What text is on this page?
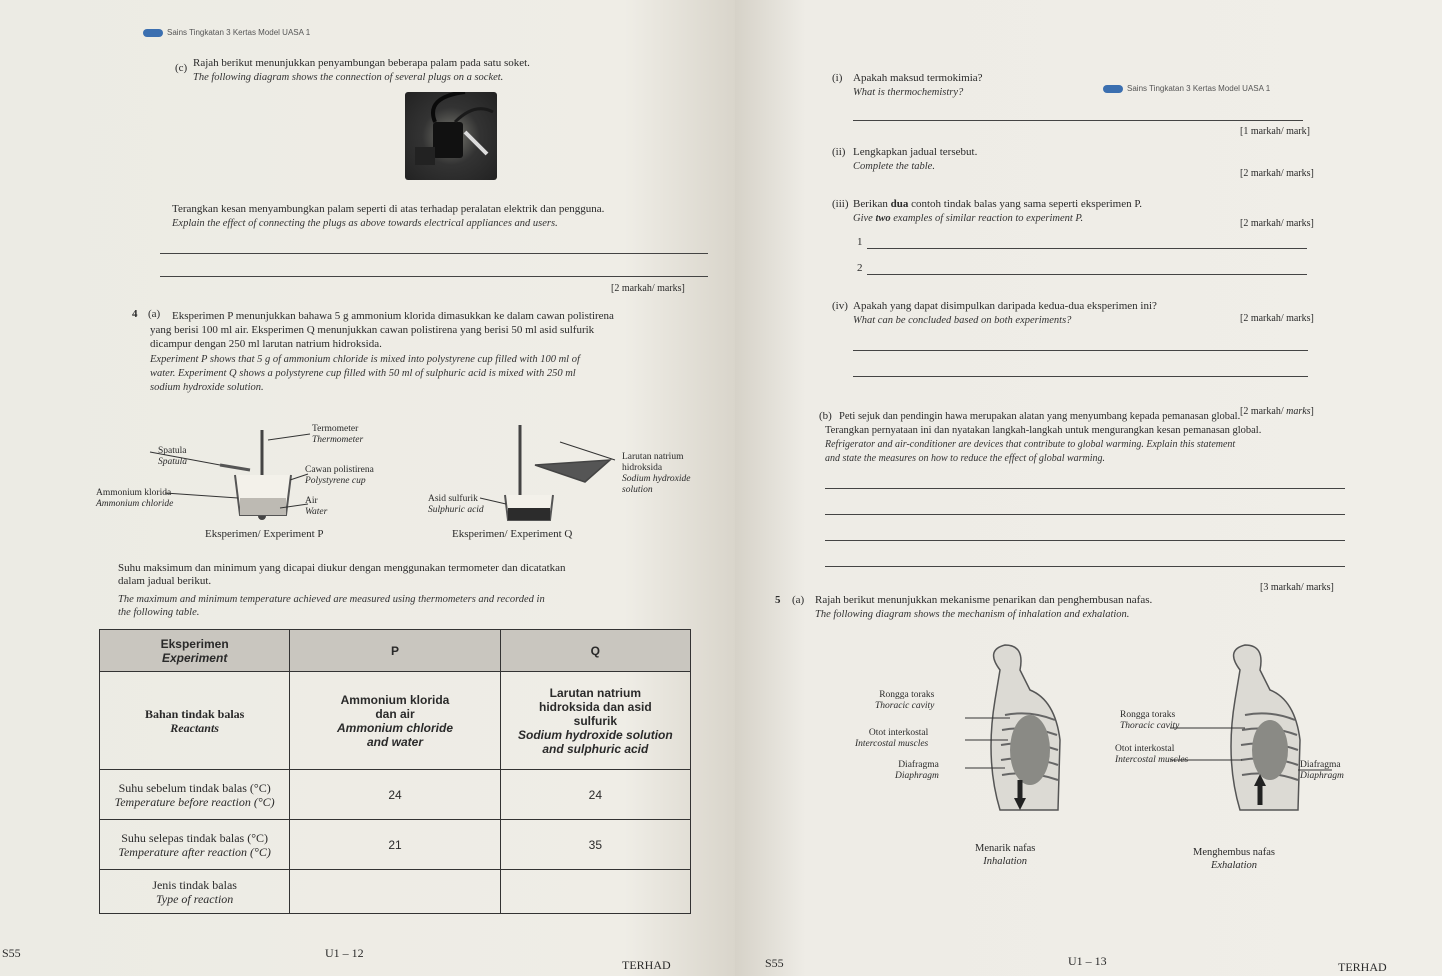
Sains Tingkatan 3 Kertas Model UASA 1
(c) Rajah berikut menunjukkan penyambungan beberapa palam pada satu soket.
The following diagram shows the connection of several plugs on a socket.
Terangkan kesan menyambungkan palam seperti di atas terhadap peralatan elektrik dan pengguna.
Explain the effect of connecting the plugs as above towards electrical appliances and users.
[2 markah/ marks]
4 (a) Eksperimen P menunjukkan bahawa 5 g ammonium klorida dimasukkan ke dalam cawan polistirena
yang berisi 100 ml air. Eksperimen Q menunjukkan cawan polistirena yang berisi 50 ml asid sulfurik
dicampur dengan 250 ml larutan natrium hidroksida.
Experiment P shows that 5 g of ammonium chloride is mixed into polystyrene cup filled with 100 ml of
water. Experiment Q shows a polystyrene cup filled with 50 ml of sulphuric acid is mixed with 250 ml
sodium hydroxide solution.
Termometer
Thermometer
Spatula
Spatula
Cawan polistirena
Polystyrene cup
Ammonium klorida
Ammonium chloride	Air
Water
Eksperimen/ Experiment P
Larutan natrium
hidroksida
Sodium hydroxide
solution
Asid sulfurik
Sulphuric acid
Eksperimen/ Experiment Q
Suhu maksimum dan minimum yang dicapai diukur dengan menggunakan termometer dan dicatatkan
dalam jadual berikut.
The maximum and minimum temperature achieved are measured using thermometers and recorded in
the following table.
Eksperimen
Experiment	P	Q

Bahan tindak balas
Reactants	Ammonium klorida
dan air
Ammonium chloride
and water	Larutan natrium
hidroksida dan asid
sulfurik
Sodium hydroxide solution
and sulphuric acid

Suhu sebelum tindak balas (°C)
Temperature before reaction (°C)	24	24

Suhu selepas tindak balas (°C)
Temperature after reaction (°C)	21	35

Jenis tindak balas
Type of reaction		

S55	U1 – 12
TERHAD
Sains Tingkatan 3 Kertas Model UASA 1
(i) Apakah maksud termokimia?
What is thermochemistry?
[1 markah/ mark]
(ii) Lengkapkan jadual tersebut.
Complete the table.
[2 markah/ marks]
(iii) Berikan dua contoh tindak balas yang sama seperti eksperimen P.
Give two examples of similar reaction to experiment P.
1
2
[2 markah/ marks]
(iv) Apakah yang dapat disimpulkan daripada kedua-dua eksperimen ini?
What can be concluded based on both experiments?	[2 markah/ marks]
[2 markah/ marks]
(b) Peti sejuk dan pendingin hawa merupakan alatan yang menyumbang kepada pemanasan global.
Terangkan pernyataan ini dan nyatakan langkah-langkah untuk mengurangkan kesan pemanasan global.
Refrigerator and air-conditioner are devices that contribute to global warming. Explain this statement
and state the measures on how to reduce the effect of global warming.
[3 markah/ marks]
5 (a) Rajah berikut menunjukkan mekanisme penarikan dan penghembusan nafas.
The following diagram shows the mechanism of inhalation and exhalation.
Rongga toraks
Thoracic cavity
Otot interkostal
Intercostal muscles
Diafragma
Diaphragm
Rongga toraks
Thoracic cavity
Otot interkostal
Intercostal muscles	Diafragma
Diaphragm
Menarik nafas
Inhalation
Menghembus nafas
Exhalation
S55	U1 – 13	TERHAD
